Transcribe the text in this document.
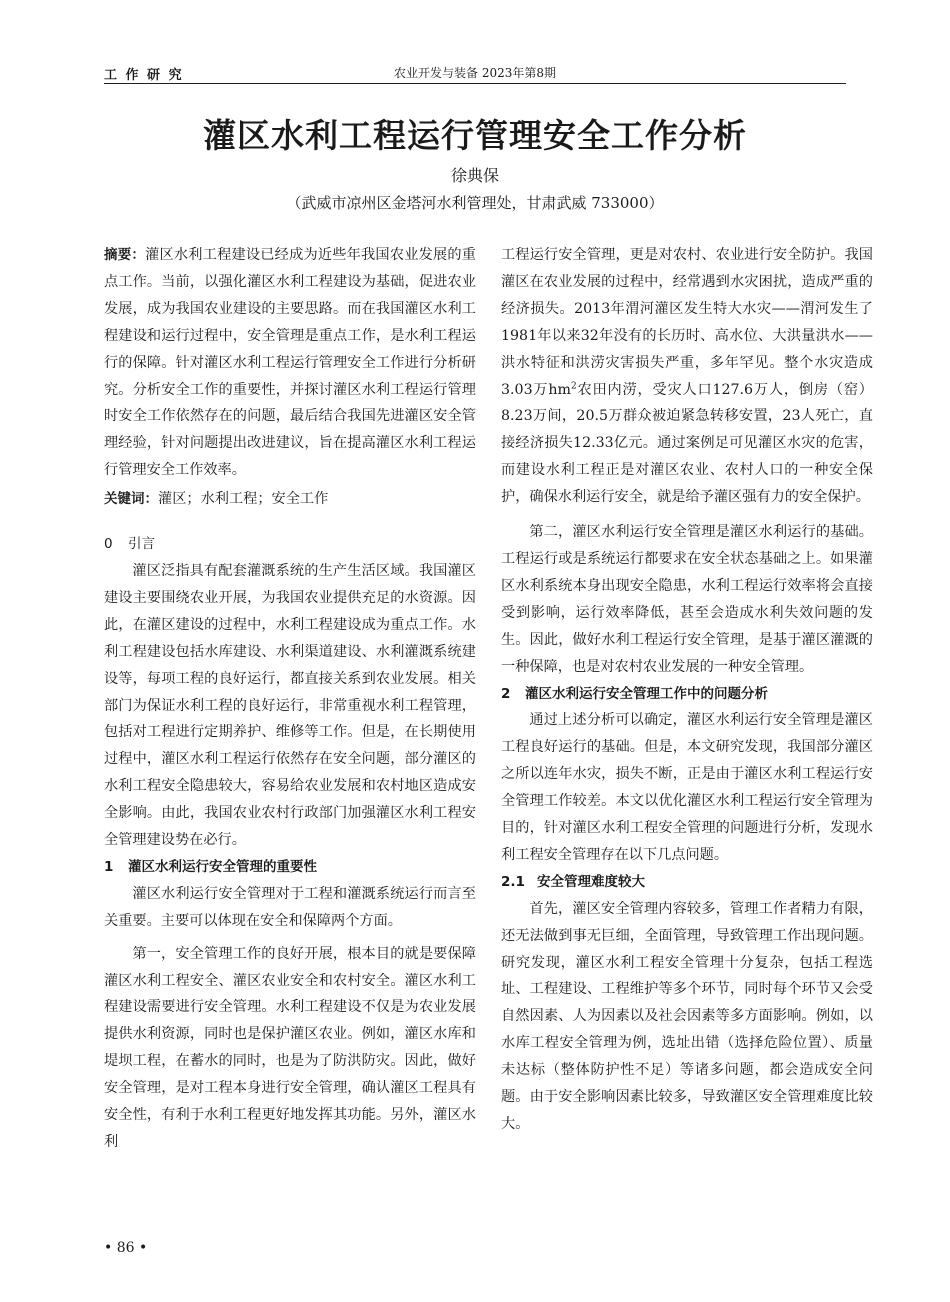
工 作 研 究	农业开发与装备 2023年第8期
灌区水利工程运行管理安全工作分析
徐典保
（武威市凉州区金塔河水利管理处，甘肃武威 733000）

摘要：灌区水利工程建设已经成为近些年我国农业发展的重点工作。当前，以强化灌区水利工程建设为基础，促进农业发展，成为我国农业建设的主要思路。而在我国灌区水利工程建设和运行过程中，安全管理是重点工作，是水利工程运行的保障。针对灌区水利工程运行管理安全工作进行分析研究。分析安全工作的重要性，并探讨灌区水利工程运行管理时安全工作依然存在的问题，最后结合我国先进灌区安全管理经验，针对问题提出改进建议，旨在提高灌区水利工程运行管理安全工作效率。

关键词：灌区；水利工程；安全工作

0 引言

灌区泛指具有配套灌溉系统的生产生活区域。我国灌区建设主要围绕农业开展，为我国农业提供充足的水资源。因此，在灌区建设的过程中，水利工程建设成为重点工作。水利工程建设包括水库建设、水利渠道建设、水利灌溉系统建设等，每项工程的良好运行，都直接关系到农业发展。相关部门为保证水利工程的良好运行，非常重视水利工程管理，包括对工程进行定期养护、维修等工作。但是，在长期使用过程中，灌区水利工程运行依然存在安全问题，部分灌区的水利工程安全隐患较大，容易给农业发展和农村地区造成安全影响。由此，我国农业农村行政部门加强灌区水利工程安全管理建设势在必行。

1 灌区水利运行安全管理的重要性

灌区水利运行安全管理对于工程和灌溉系统运行而言至关重要。主要可以体现在安全和保障两个方面。

第一，安全管理工作的良好开展，根本目的就是要保障灌区水利工程安全、灌区农业安全和农村安全。灌区水利工程建设需要进行安全管理。水利工程建设不仅是为农业发展提供水利资源，同时也是保护灌区农业。例如，灌区水库和堤坝工程，在蓄水的同时，也是为了防洪防灾。因此，做好安全管理，是对工程本身进行安全管理，确认灌区工程具有安全性，有利于水利工程更好地发挥其功能。另外，灌区水利

工程运行安全管理，更是对农村、农业进行安全防护。我国灌区在农业发展的过程中，经常遇到水灾困扰，造成严重的经济损失。2013年渭河灌区发生特大水灾——渭河发生了1981年以来32年没有的长历时、高水位、大洪量洪水——洪水特征和洪涝灾害损失严重，多年罕见。整个水灾造成3.03万$hm^2$农田内涝，受灾人口127.6万人，倒房（窑）8.23万间，20.5万群众被迫紧急转移安置，23人死亡，直接经济损失12.33亿元。通过案例足可见灌区水灾的危害，而建设水利工程正是对灌区农业、农村人口的一种安全保护，确保水利运行安全，就是给予灌区强有力的安全保护。

第二，灌区水利运行安全管理是灌区水利运行的基础。工程运行或是系统运行都要求在安全状态基础之上。如果灌区水利系统本身出现安全隐患，水利工程运行效率将会直接受到影响，运行效率降低，甚至会造成水利失效问题的发生。因此，做好水利工程运行安全管理，是基于灌区灌溉的一种保障，也是对农村农业发展的一种安全管理。

2 灌区水利运行安全管理工作中的问题分析

通过上述分析可以确定，灌区水利运行安全管理是灌区工程良好运行的基础。但是，本文研究发现，我国部分灌区之所以连年水灾，损失不断，正是由于灌区水利工程运行安全管理工作较差。本文以优化灌区水利工程运行安全管理为目的，针对灌区水利工程安全管理的问题进行分析，发现水利工程安全管理存在以下几点问题。

2.1 安全管理难度较大

首先，灌区安全管理内容较多，管理工作者精力有限，还无法做到事无巨细，全面管理，导致管理工作出现问题。研究发现，灌区水利工程安全管理十分复杂，包括工程选址、工程建设、工程维护等多个环节，同时每个环节又会受自然因素、人为因素以及社会因素等多方面影响。例如，以水库工程安全管理为例，选址出错（选择危险位置）、质量未达标（整体防护性不足）等诸多问题，都会造成安全问题。由于安全影响因素比较多，导致灌区安全管理难度比较大。

• 86 •
